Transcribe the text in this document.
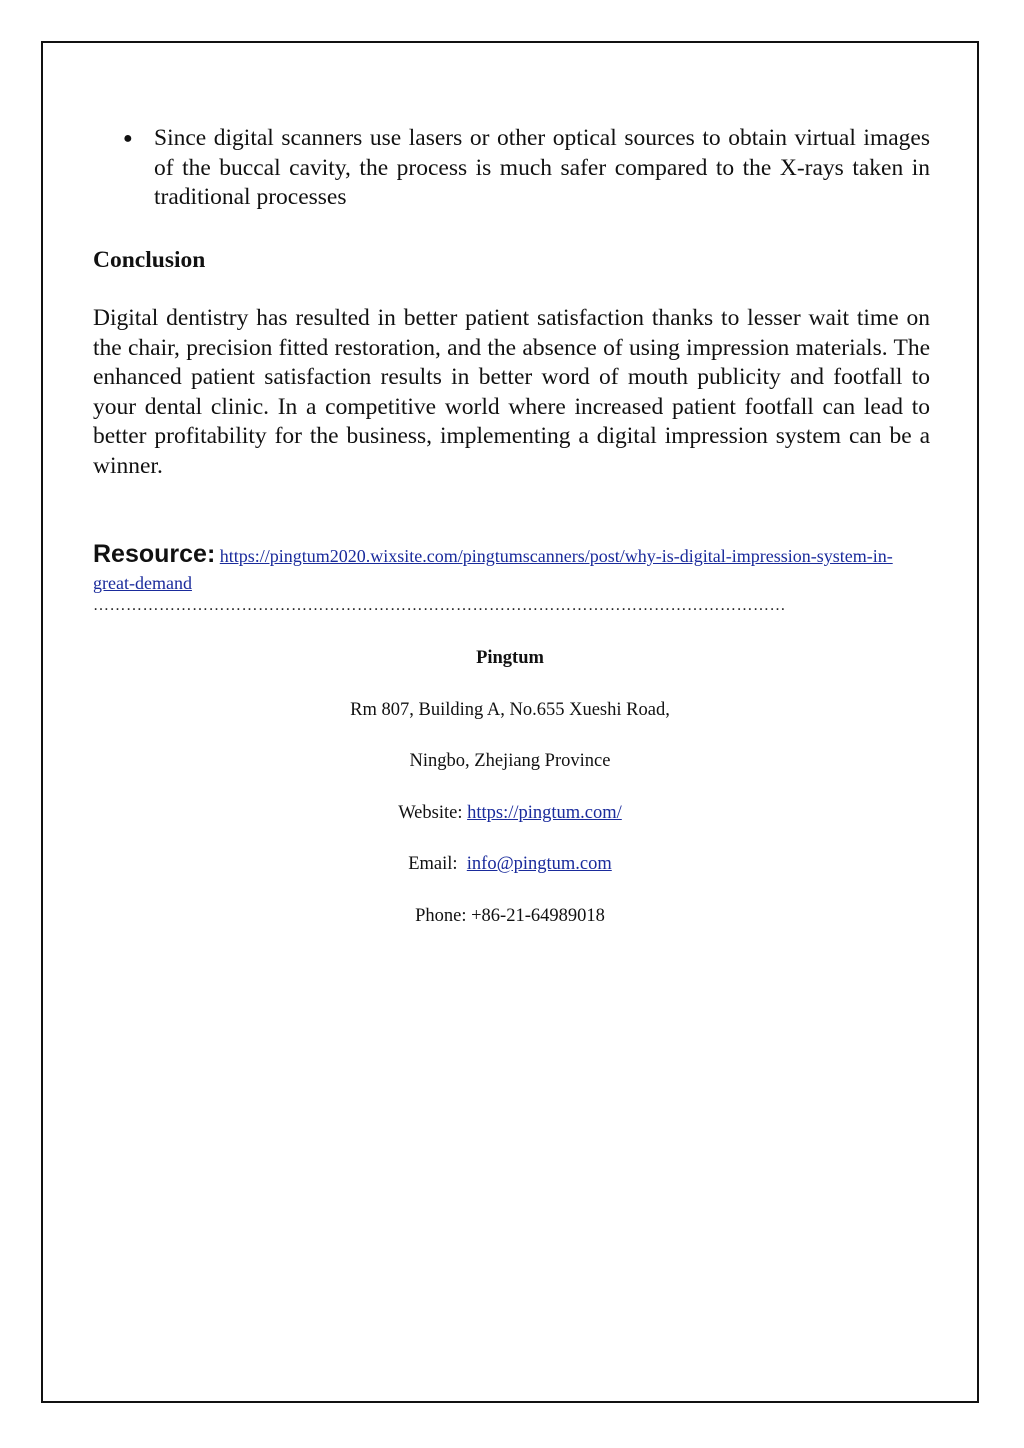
● Since digital scanners use lasers or other optical sources to obtain virtual images of the buccal cavity, the process is much safer compared to the X-rays taken in traditional processes
Conclusion

Digital dentistry has resulted in better patient satisfaction thanks to lesser wait time on the chair, precision fitted restoration, and the absence of using impression materials. The enhanced patient satisfaction results in better word of mouth publicity and footfall to your dental clinic. In a competitive world where increased patient footfall can lead to better profitability for the business, implementing a digital impression system can be a winner.

Resource: https://pingtum2020.wixsite.com/pingtumscanners/post/why-is-digital-impression-system-in-great-demand
………………………………………………………………………………………………………………

Pingtum

Rm 807, Building A, No.655 Xueshi Road,

Ningbo, Zhejiang Province

Website: https://pingtum.com/

Email: info@pingtum.com

Phone: +86-21-64989018
